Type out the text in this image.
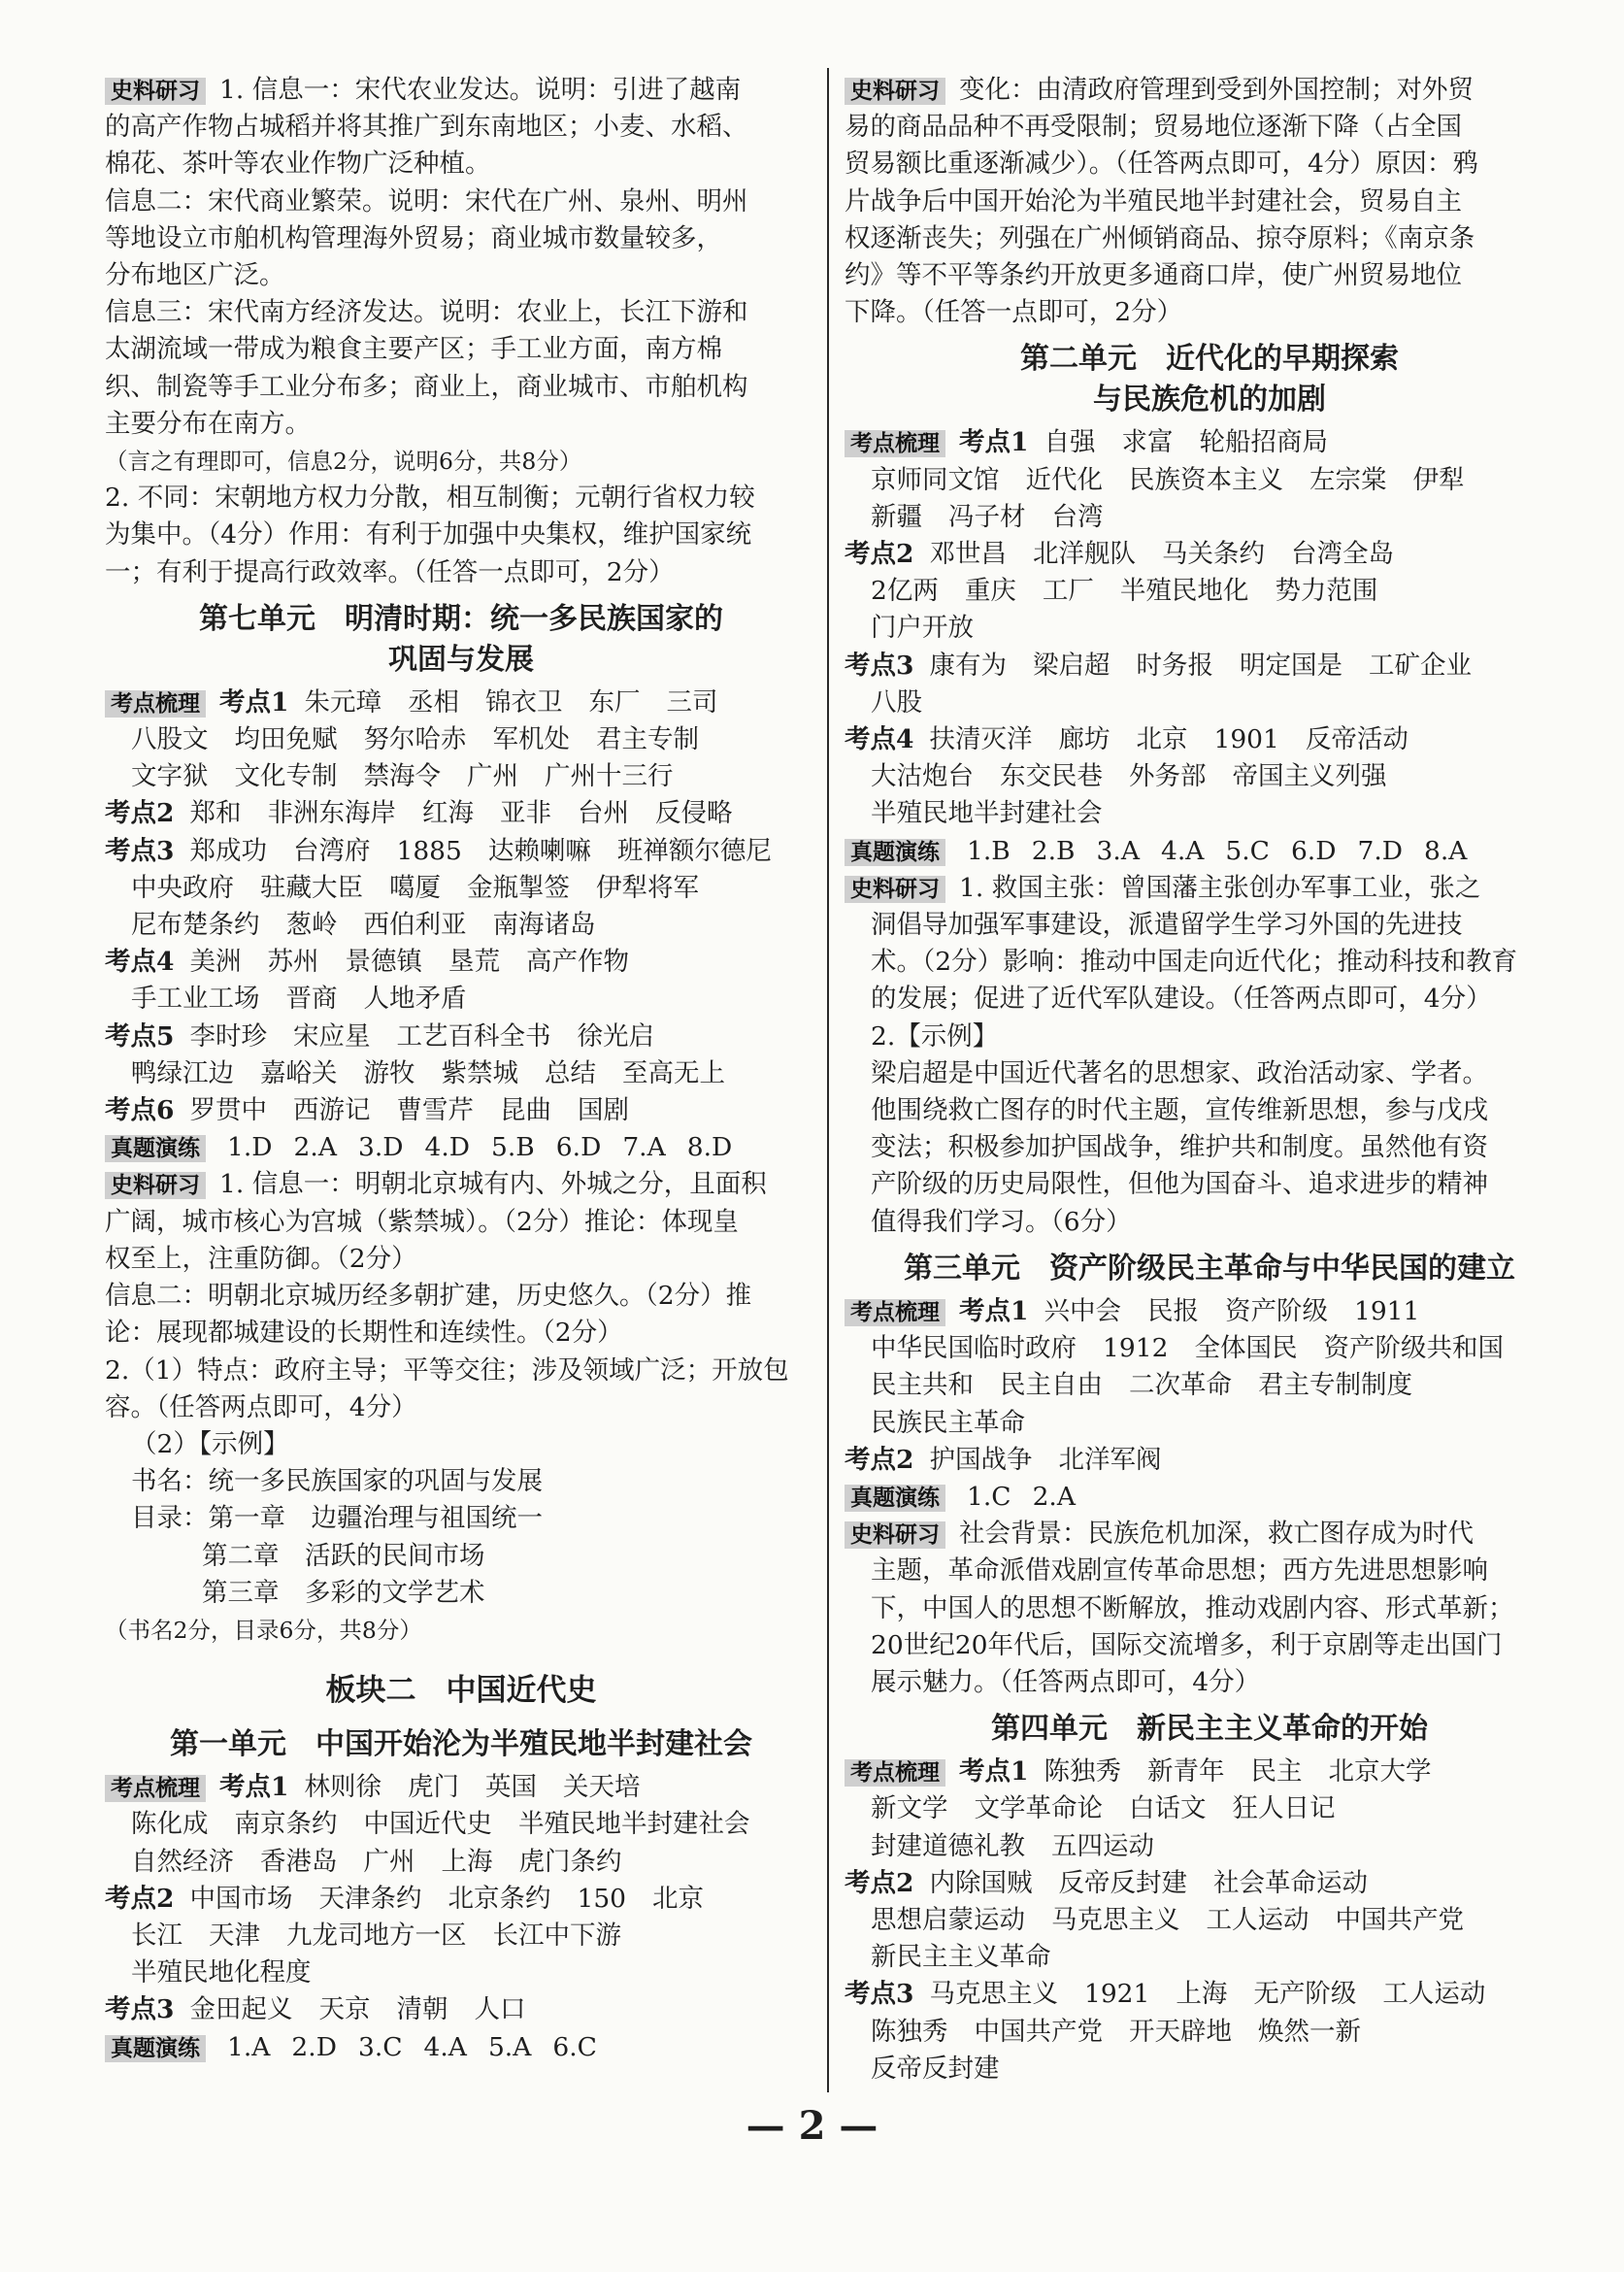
史料研习 1. 信息一：宋代农业发达。说明：引进了越南

的高产作物占城稻并将其推广到东南地区；小麦、水稻、

棉花、茶叶等农业作物广泛种植。

信息二：宋代商业繁荣。说明：宋代在广州、泉州、明州

等地设立市舶机构管理海外贸易；商业城市数量较多，

分布地区广泛。

信息三：宋代南方经济发达。说明：农业上，长江下游和

太湖流域一带成为粮食主要产区；手工业方面，南方棉

织、制瓷等手工业分布多；商业上，商业城市、市舶机构

主要分布在南方。

（言之有理即可，信息2分，说明6分，共8分）

2. 不同：宋朝地方权力分散，相互制衡；元朝行省权力较

为集中。（4分）作用：有利于加强中央集权，维护国家统

一；有利于提高行政效率。（任答一点即可，2分）

第七单元　明清时期：统一多民族国家的
巩固与发展

考点梳理 考点1 朱元璋 丞相 锦衣卫 东厂 三司

八股文 均田免赋 努尔哈赤 军机处 君主专制

文字狱 文化专制 禁海令 广州 广州十三行

考点2 郑和 非洲东海岸 红海 亚非 台州 反侵略

考点3 郑成功 台湾府 1885 达赖喇嘛 班禅额尔德尼

中央政府 驻藏大臣 噶厦 金瓶掣签 伊犁将军

尼布楚条约 葱岭 西伯利亚 南海诸岛

考点4 美洲 苏州 景德镇 垦荒 高产作物

手工业工场 晋商 人地矛盾

考点5 李时珍 宋应星 工艺百科全书 徐光启

鸭绿江边 嘉峪关 游牧 紫禁城 总结 至高无上

考点6 罗贯中 西游记 曹雪芹 昆曲 国剧

真题演练 1.D 2.A 3.D 4.D 5.B 6.D 7.A 8.D

史料研习 1. 信息一：明朝北京城有内、外城之分，且面积

广阔，城市核心为宫城（紫禁城）。（2分）推论：体现皇

权至上，注重防御。（2分）

信息二：明朝北京城历经多朝扩建，历史悠久。（2分）推

论：展现都城建设的长期性和连续性。（2分）

2.（1）特点：政府主导；平等交往；涉及领域广泛；开放包

容。（任答两点即可，4分）

（2）【示例】

书名：统一多民族国家的巩固与发展

目录：第一章　边疆治理与祖国统一

第二章　活跃的民间市场

第三章　多彩的文学艺术

（书名2分，目录6分，共8分）

板块二　中国近代史
第一单元　中国开始沦为半殖民地半封建社会

考点梳理 考点1 林则徐 虎门 英国 关天培

陈化成 南京条约 中国近代史 半殖民地半封建社会

自然经济 香港岛 广州 上海 虎门条约

考点2 中国市场 天津条约 北京条约 150 北京

长江 天津 九龙司地方一区 长江中下游

半殖民地化程度

考点3 金田起义 天京 清朝 人口

真题演练 1.A 2.D 3.C 4.A 5.A 6.C

史料研习 变化：由清政府管理到受到外国控制；对外贸

易的商品品种不再受限制；贸易地位逐渐下降（占全国

贸易额比重逐渐减少）。（任答两点即可，4分）原因：鸦

片战争后中国开始沦为半殖民地半封建社会，贸易自主

权逐渐丧失；列强在广州倾销商品、掠夺原料；《南京条

约》等不平等条约开放更多通商口岸，使广州贸易地位

下降。（任答一点即可，2分）

第二单元　近代化的早期探索
与民族危机的加剧

考点梳理 考点1 自强 求富 轮船招商局

京师同文馆 近代化 民族资本主义 左宗棠 伊犁

新疆 冯子材 台湾

考点2 邓世昌 北洋舰队 马关条约 台湾全岛

2亿两 重庆 工厂 半殖民地化 势力范围

门户开放

考点3 康有为 梁启超 时务报 明定国是 工矿企业

八股

考点4 扶清灭洋 廊坊 北京 1901 反帝活动

大沽炮台 东交民巷 外务部 帝国主义列强

半殖民地半封建社会

真题演练 1.B 2.B 3.A 4.A 5.C 6.D 7.D 8.A

史料研习 1. 救国主张：曾国藩主张创办军事工业，张之

洞倡导加强军事建设，派遣留学生学习外国的先进技

术。（2分）影响：推动中国走向近代化；推动科技和教育

的发展；促进了近代军队建设。（任答两点即可，4分）

2.【示例】

梁启超是中国近代著名的思想家、政治活动家、学者。

他围绕救亡图存的时代主题，宣传维新思想，参与戊戌

变法；积极参加护国战争，维护共和制度。虽然他有资

产阶级的历史局限性，但他为国奋斗、追求进步的精神

值得我们学习。（6分）

第三单元　资产阶级民主革命与中华民国的建立

考点梳理 考点1 兴中会 民报 资产阶级 1911

中华民国临时政府 1912 全体国民 资产阶级共和国

民主共和 民主自由 二次革命 君主专制制度

民族民主革命

考点2 护国战争 北洋军阀

真题演练 1.C 2.A

史料研习 社会背景：民族危机加深，救亡图存成为时代

主题，革命派借戏剧宣传革命思想；西方先进思想影响

下，中国人的思想不断解放，推动戏剧内容、形式革新；

20世纪20年代后，国际交流增多，利于京剧等走出国门

展示魅力。（任答两点即可，4分）

第四单元　新民主主义革命的开始

考点梳理 考点1 陈独秀 新青年 民主 北京大学

新文学 文学革命论 白话文 狂人日记

封建道德礼教 五四运动

考点2 内除国贼 反帝反封建 社会革命运动

思想启蒙运动 马克思主义 工人运动 中国共产党

新民主主义革命

考点3 马克思主义 1921 上海 无产阶级 工人运动

陈独秀 中国共产党 开天辟地 焕然一新

反帝反封建

— 2 —
